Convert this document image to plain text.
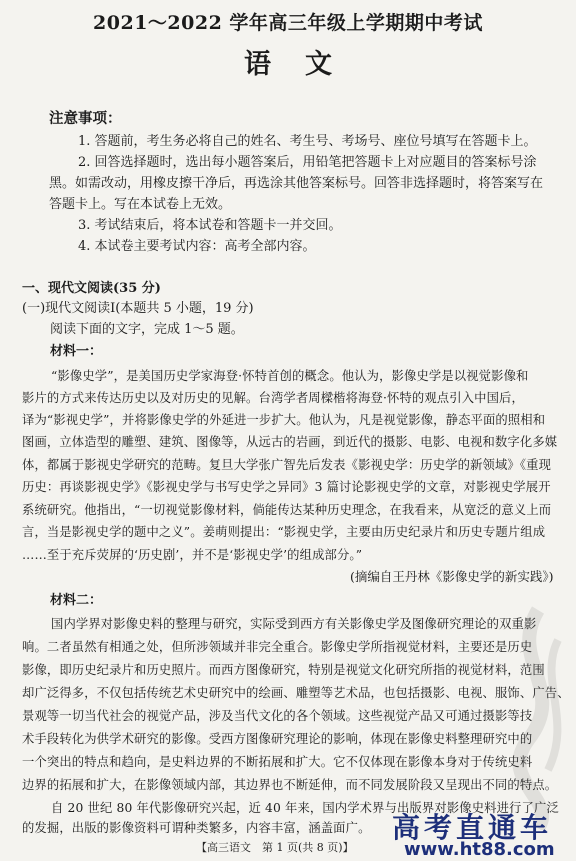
2021～2022 学年高三年级上学期期中考试
语文
注意事项：
1. 答题前，考生务必将自己的姓名、考生号、考场号、座位号填写在答题卡上。
2. 回答选择题时，选出每小题答案后，用铅笔把答题卡上对应题目的答案标号涂
黑。如需改动，用橡皮擦干净后，再选涂其他答案标号。回答非选择题时，将答案写在
答题卡上。写在本试卷上无效。
3. 考试结束后，将本试卷和答题卡一并交回。
4. 本试卷主要考试内容：高考全部内容。
一、现代文阅读(35 分)
(一)现代文阅读Ⅰ(本题共 5 小题，19 分)
阅读下面的文字，完成 1～5 题。
材料一：
“影像史学”，是美国历史学家海登·怀特首创的概念。他认为，影像史学是以视觉影像和
影片的方式来传达历史以及对历史的见解。台湾学者周樑楷将海登·怀特的观点引入中国后，
译为“影视史学”，并将影像史学的外延进一步扩大。他认为，凡是视觉影像，静态平面的照相和
图画，立体造型的雕塑、建筑、图像等，从远古的岩画，到近代的摄影、电影、电视和数字化多媒
体，都属于影视史学研究的范畴。复旦大学张广智先后发表《影视史学：历史学的新领域》《重现
历史：再谈影视史学》《影视史学与书写史学之异同》3 篇讨论影视史学的文章，对影视史学展开
系统研究。他指出，“一切视觉影像材料，倘能传达某种历史理念，在我看来，从宽泛的意义上而
言，当是影视史学的题中之义”。姜萌则提出：“影视史学，主要由历史纪录片和历史专题片组成
……至于充斥荧屏的‘历史剧’，并不是‘影视史学’的组成部分。”
(摘编自王丹林《影像史学的新实践》)
材料二：
国内学界对影像史料的整理与研究，实际受到西方有关影像史学及图像研究理论的双重影
响。二者虽然有相通之处，但所涉领域并非完全重合。影像史学所指视觉材料，主要还是历史
影像，即历史纪录片和历史照片。而西方图像研究，特别是视觉文化研究所指的视觉材料，范围
却广泛得多，不仅包括传统艺术史研究中的绘画、雕塑等艺术品，也包括摄影、电视、服饰、广告、
景观等一切当代社会的视觉产品，涉及当代文化的各个领域。这些视觉产品又可通过摄影等技
术手段转化为供学术研究的影像。受西方图像研究理论的影响，体现在影像史料整理研究中的
一个突出的特点和趋向，是史料边界的不断拓展和扩大。它不仅体现在影像本身对于传统史料
边界的拓展和扩大，在影像领域内部，其边界也不断延伸，而不同发展阶段又呈现出不同的特点。
自 20 世纪 80 年代影像研究兴起，近 40 年来，国内学术界与出版界对影像史料进行了广泛
的发掘，出版的影像资料可谓种类繁多，内容丰富，涵盖面广。
【高三语文　第 1 页(共 8 页)】
高考直通车
www.ht88.com
